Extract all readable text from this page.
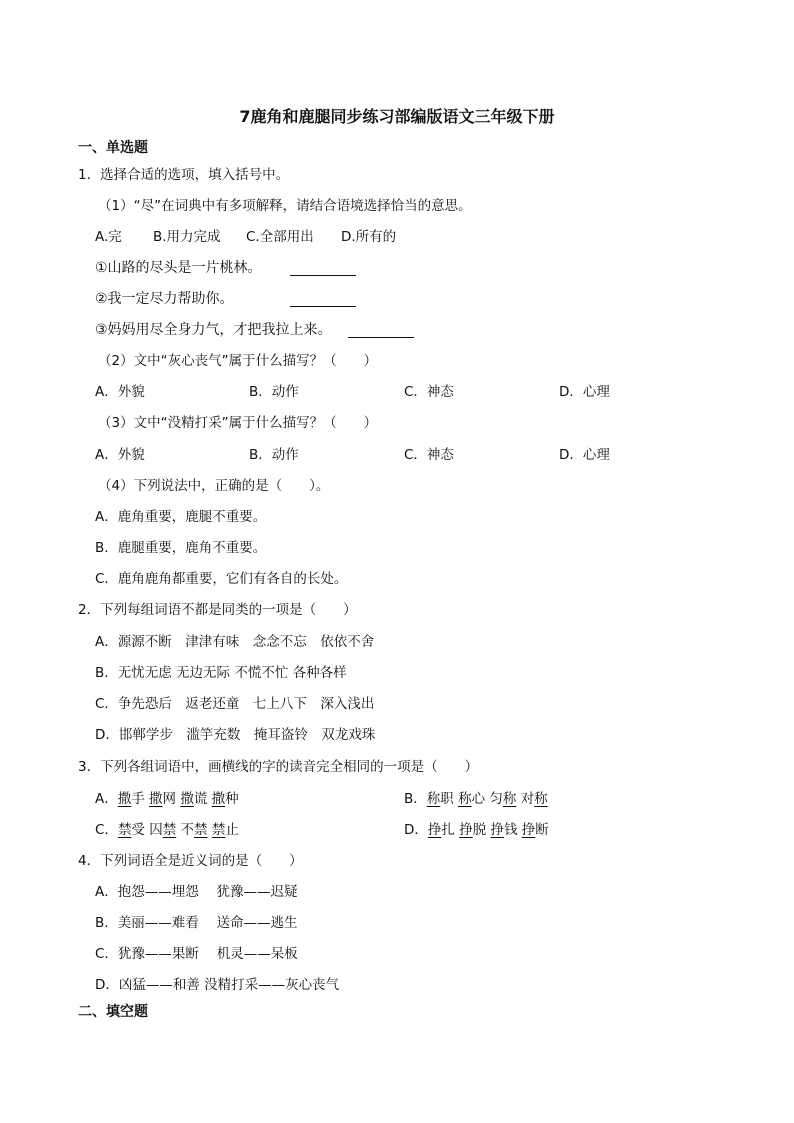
7鹿角和鹿腿同步练习部编版语文三年级下册
一、单选题
1．选择合适的选项，填入括号中。
（1）“尽”在词典中有多项解释，请结合语境选择恰当的意思。
A.完 B.用力完成 C.全部用出 D.所有的
①山路的尽头是一片桃林。
②我一定尽力帮助你。
③妈妈用尽全身力气，才把我拉上来。
（2）文中“灰心丧气”属于什么描写？（　　）
A．外貌	B．动作	C．神态	D．心理
（3）文中“没精打采”属于什么描写？（　　）
A．外貌	B．动作	C．神态	D．心理
（4）下列说法中，正确的是（　　）。
A．鹿角重要，鹿腿不重要。
B．鹿腿重要，鹿角不重要。
C．鹿角鹿角都重要，它们有各自的长处。
2．下列每组词语不都是同类的一项是（　　）
A．源源不断　津津有味　念念不忘　依依不舍
B．无忧无虑 无边无际 不慌不忙 各种各样
C．争先恐后　返老还童　七上八下　深入浅出
D．邯郸学步　滥竽充数　掩耳盗铃　双龙戏珠
3．下列各组词语中，画横线的字的读音完全相同的一项是（　　）
A．撒手 撒网 撒谎 撒种	B．称职 称心 匀称 对称
C．禁受 囚禁 不禁 禁止	D．挣扎 挣脱 挣钱 挣断
4．下列词语全是近义词的是（　　）
A．抱怨——埋怨　 犹豫——迟疑
B．美丽——难看　 送命——逃生
C．犹豫——果断　 机灵——呆板
D．凶猛——和善 没精打采——灰心丧气
二、填空题
